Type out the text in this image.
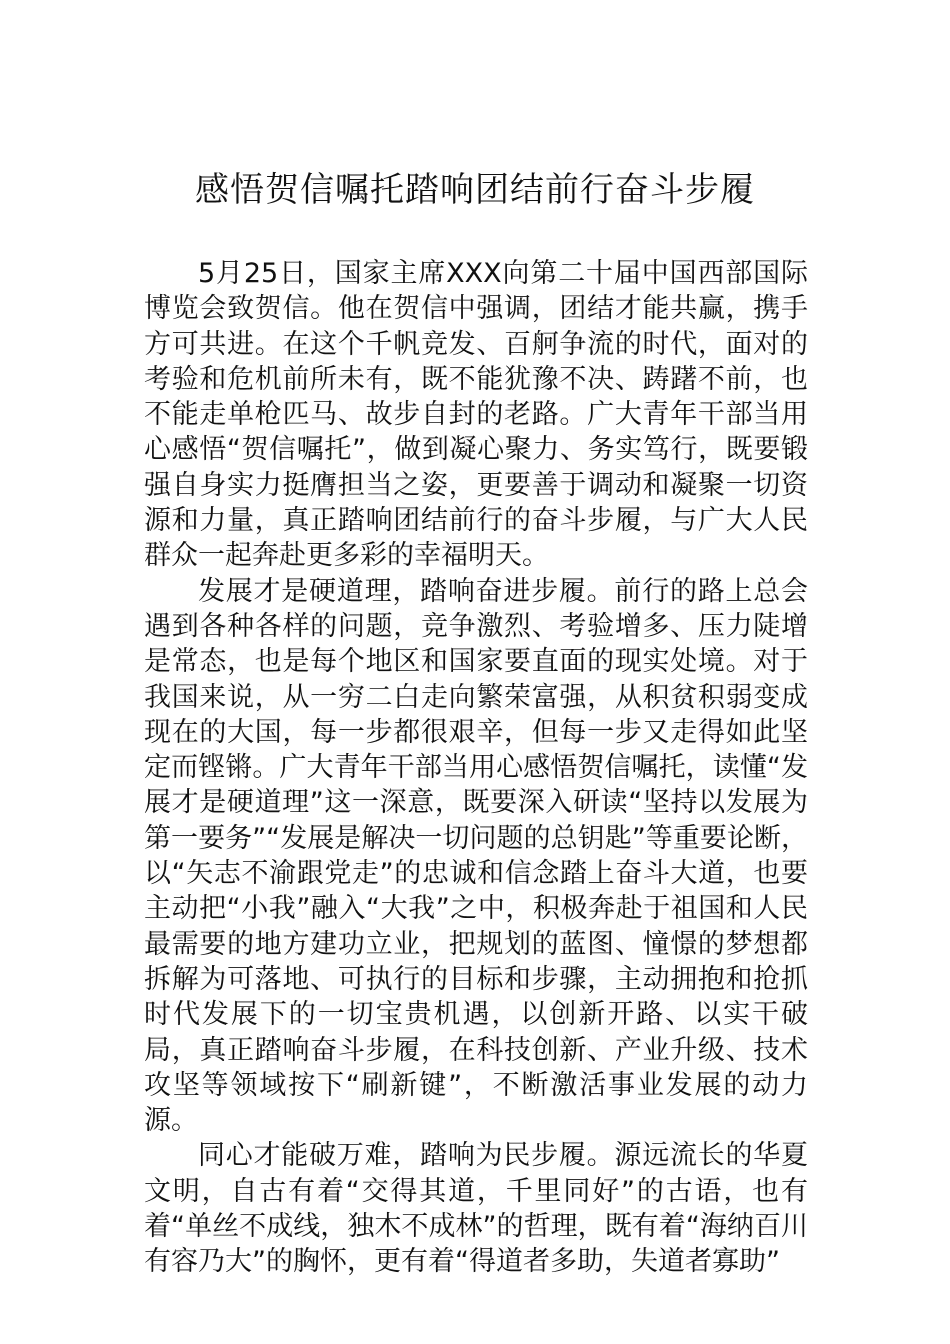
感悟贺信嘱托踏响团结前行奋斗步履

5月25日，国家主席XXX向第二十届中国西部国际博览会致贺信。他在贺信中强调，团结才能共赢，携手方可共进。在这个千帆竞发、百舸争流的时代，面对的考验和危机前所未有，既不能犹豫不决、踌躇不前，也不能走单枪匹马、故步自封的老路。广大青年干部当用心感悟“贺信嘱托”，做到凝心聚力、务实笃行，既要锻强自身实力挺膺担当之姿，更要善于调动和凝聚一切资源和力量，真正踏响团结前行的奋斗步履，与广大人民群众一起奔赴更多彩的幸福明天。

发展才是硬道理，踏响奋进步履。前行的路上总会遇到各种各样的问题，竞争激烈、考验增多、压力陡增是常态，也是每个地区和国家要直面的现实处境。对于我国来说，从一穷二白走向繁荣富强，从积贫积弱变成现在的大国，每一步都很艰辛，但每一步又走得如此坚定而铿锵。广大青年干部当用心感悟贺信嘱托，读懂“发展才是硬道理”这一深意，既要深入研读“坚持以发展为第一要务”“发展是解决一切问题的总钥匙”等重要论断，以“矢志不渝跟党走”的忠诚和信念踏上奋斗大道，也要主动把“小我”融入“大我”之中，积极奔赴于祖国和人民最需要的地方建功立业，把规划的蓝图、憧憬的梦想都拆解为可落地、可执行的目标和步骤，主动拥抱和抢抓时代发展下的一切宝贵机遇，以创新开路、以实干破局，真正踏响奋斗步履，在科技创新、产业升级、技术攻坚等领域按下“刷新键”，不断激活事业发展的动力源。

同心才能破万难，踏响为民步履。源远流长的华夏文明，自古有着“交得其道，千里同好”的古语，也有着“单丝不成线，独木不成林”的哲理，既有着“海纳百川有容乃大”的胸怀，更有着“得道者多助，失道者寡助”
